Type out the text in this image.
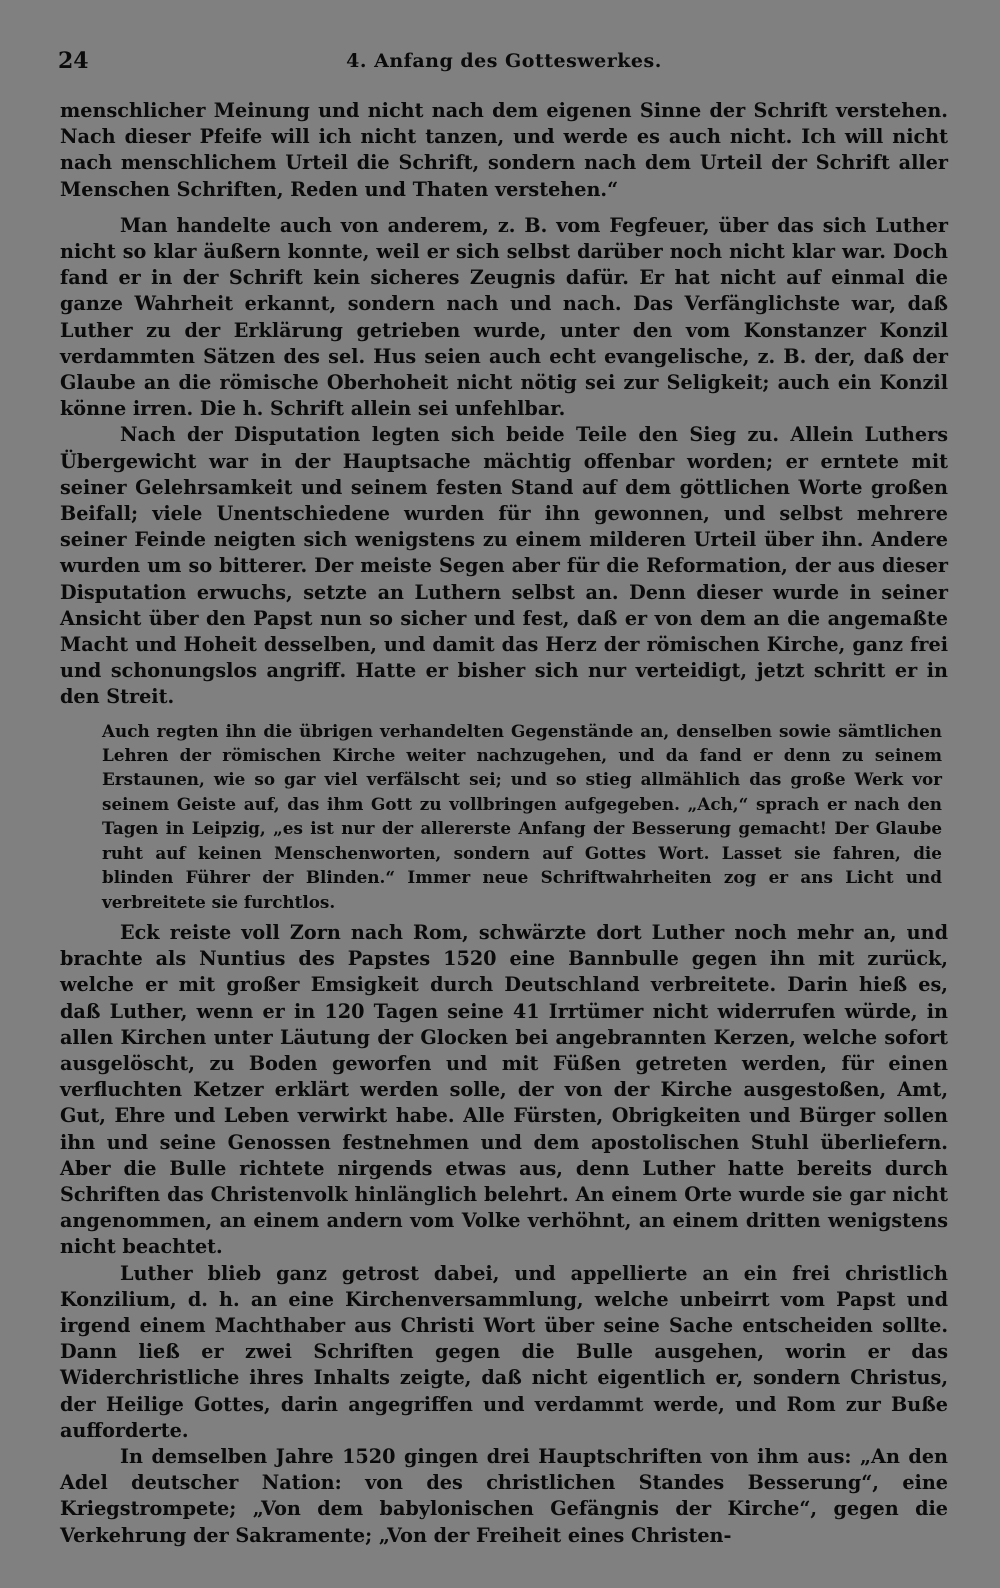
24	4. Anfang des Gotteswerkes.

menschlicher Meinung und nicht nach dem eigenen Sinne der Schrift verstehen. Nach dieser Pfeife will ich nicht tanzen, und werde es auch nicht. Ich will nicht nach menschlichem Urteil die Schrift, sondern nach dem Urteil der Schrift aller Menschen Schriften, Reden und Thaten verstehen.“

Man handelte auch von anderem, z. B. vom Fegfeuer, über das sich Luther nicht so klar äußern konnte, weil er sich selbst darüber noch nicht klar war. Doch fand er in der Schrift kein sicheres Zeugnis dafür. Er hat nicht auf einmal die ganze Wahrheit erkannt, sondern nach und nach. Das Verfänglichste war, daß Luther zu der Erklärung getrieben wurde, unter den vom Konstanzer Konzil verdammten Sätzen des sel. Hus seien auch echt evangelische, z. B. der, daß der Glaube an die römische Oberhoheit nicht nötig sei zur Seligkeit; auch ein Konzil könne irren. Die h. Schrift allein sei unfehlbar.

Nach der Disputation legten sich beide Teile den Sieg zu. Allein Luthers Übergewicht war in der Hauptsache mächtig offenbar worden; er erntete mit seiner Gelehrsamkeit und seinem festen Stand auf dem göttlichen Worte großen Beifall; viele Unentschiedene wurden für ihn gewonnen, und selbst mehrere seiner Feinde neigten sich wenigstens zu einem milderen Urteil über ihn. Andere wurden um so bitterer. Der meiste Segen aber für die Reformation, der aus dieser Disputation erwuchs, setzte an Luthern selbst an. Denn dieser wurde in seiner Ansicht über den Papst nun so sicher und fest, daß er von dem an die angemaßte Macht und Hoheit desselben, und damit das Herz der römischen Kirche, ganz frei und schonungslos angriff. Hatte er bisher sich nur verteidigt, jetzt schritt er in den Streit.

Auch regten ihn die übrigen verhandelten Gegenstände an, denselben sowie sämtlichen Lehren der römischen Kirche weiter nachzugehen, und da fand er denn zu seinem Erstaunen, wie so gar viel verfälscht sei; und so stieg allmählich das große Werk vor seinem Geiste auf, das ihm Gott zu vollbringen aufgegeben. „Ach,“ sprach er nach den Tagen in Leipzig, „es ist nur der allererste Anfang der Besserung gemacht! Der Glaube ruht auf keinen Menschenworten, sondern auf Gottes Wort. Lasset sie fahren, die blinden Führer der Blinden.“ Immer neue Schriftwahrheiten zog er ans Licht und verbreitete sie furchtlos.

Eck reiste voll Zorn nach Rom, schwärzte dort Luther noch mehr an, und brachte als Nuntius des Papstes 1520 eine Bannbulle gegen ihn mit zurück, welche er mit großer Emsigkeit durch Deutschland verbreitete. Darin hieß es, daß Luther, wenn er in 120 Tagen seine 41 Irrtümer nicht widerrufen würde, in allen Kirchen unter Läutung der Glocken bei angebrannten Kerzen, welche sofort ausgelöscht, zu Boden geworfen und mit Füßen getreten werden, für einen verfluchten Ketzer erklärt werden solle, der von der Kirche ausgestoßen, Amt, Gut, Ehre und Leben verwirkt habe. Alle Fürsten, Obrigkeiten und Bürger sollen ihn und seine Genossen festnehmen und dem apostolischen Stuhl überliefern. Aber die Bulle richtete nirgends etwas aus, denn Luther hatte bereits durch Schriften das Christenvolk hinlänglich belehrt. An einem Orte wurde sie gar nicht angenommen, an einem andern vom Volke verhöhnt, an einem dritten wenigstens nicht beachtet.

Luther blieb ganz getrost dabei, und appellierte an ein frei christlich Konzilium, d. h. an eine Kirchenversammlung, welche unbeirrt vom Papst und irgend einem Machthaber aus Christi Wort über seine Sache entscheiden sollte. Dann ließ er zwei Schriften gegen die Bulle ausgehen, worin er das Widerchristliche ihres Inhalts zeigte, daß nicht eigentlich er, sondern Christus, der Heilige Gottes, darin angegriffen und verdammt werde, und Rom zur Buße aufforderte.

In demselben Jahre 1520 gingen drei Hauptschriften von ihm aus: „An den Adel deutscher Nation: von des christlichen Standes Besserung“, eine Kriegstrompete; „Von dem babylonischen Gefängnis der Kirche“, gegen die Verkehrung der Sakramente; „Von der Freiheit eines Christen-
